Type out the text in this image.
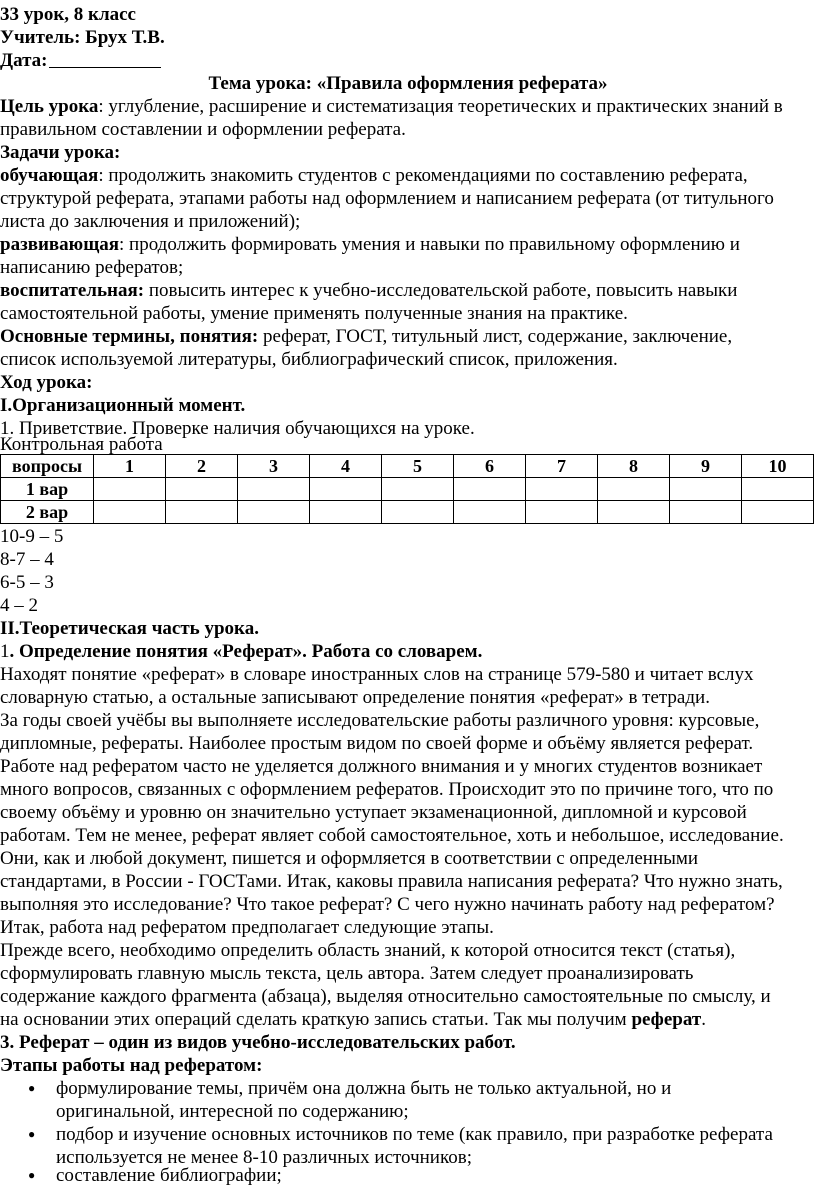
33 урок, 8 класс
Учитель: Брух Т.В.
Дата:
Тема урока: «Правила оформления реферата»
Цель урока: углубление, расширение и систематизация теоретических и практических знаний в
правильном составлении и оформлении реферата.
Задачи урока:
обучающая: продолжить знакомить студентов с рекомендациями по составлению реферата,
структурой реферата, этапами работы над оформлением и написанием реферата (от титульного
листа до заключения и приложений);
развивающая: продолжить формировать умения и навыки по правильному оформлению и
написанию рефератов;
воспитательная: повысить интерес к учебно-исследовательской работе, повысить навыки
самостоятельной работы, умение применять полученные знания на практике.
Основные термины, понятия: реферат, ГОСТ, титульный лист, содержание, заключение,
список используемой литературы, библиографический список, приложения.
Ход урока:
I.Организационный момент.
1. Приветствие. Проверке наличия обучающихся на уроке.
Контрольная работа
вопросы	1	2	3	4	5	6	7	8	9	10
1 вар										
2 вар										
10-9 – 5
8-7 – 4
6-5 – 3
4 – 2
II.Теоретическая часть урока.
1. Определение понятия «Реферат». Работа со словарем.
Находят понятие «реферат» в словаре иностранных слов на странице 579-580 и читает вслух
словарную статью, а остальные записывают определение понятия «реферат» в тетради.
За годы своей учёбы вы выполняете исследовательские работы различного уровня: курсовые,
дипломные, рефераты. Наиболее простым видом по своей форме и объёму является реферат.
Работе над рефератом часто не уделяется должного внимания и у многих студентов возникает
много вопросов, связанных с оформлением рефератов. Происходит это по причине того, что по
своему объёму и уровню он значительно уступает экзаменационной, дипломной и курсовой
работам. Тем не менее, реферат являет собой самостоятельное, хоть и небольшое, исследование.
Они, как и любой документ, пишется и оформляется в соответствии с определенными
стандартами, в России - ГОСТами. Итак, каковы правила написания реферата? Что нужно знать,
выполняя это исследование? Что такое реферат? С чего нужно начинать работу над рефератом?
Итак, работа над рефератом предполагает следующие этапы.
Прежде всего, необходимо определить область знаний, к которой относится текст (статья),
сформулировать главную мысль текста, цель автора. Затем следует проанализировать
содержание каждого фрагмента (абзаца), выделяя относительно самостоятельные по смыслу, и
на основании этих операций сделать краткую запись статьи. Так мы получим реферат.
3. Реферат – один из видов учебно-исследовательских работ.
Этапы работы над рефератом:
● формулирование темы, причём она должна быть не только актуальной, но и
оригинальной, интересной по содержанию;
● подбор и изучение основных источников по теме (как правило, при разработке реферата
используется не менее 8-10 различных источников;
● составление библиографии;
